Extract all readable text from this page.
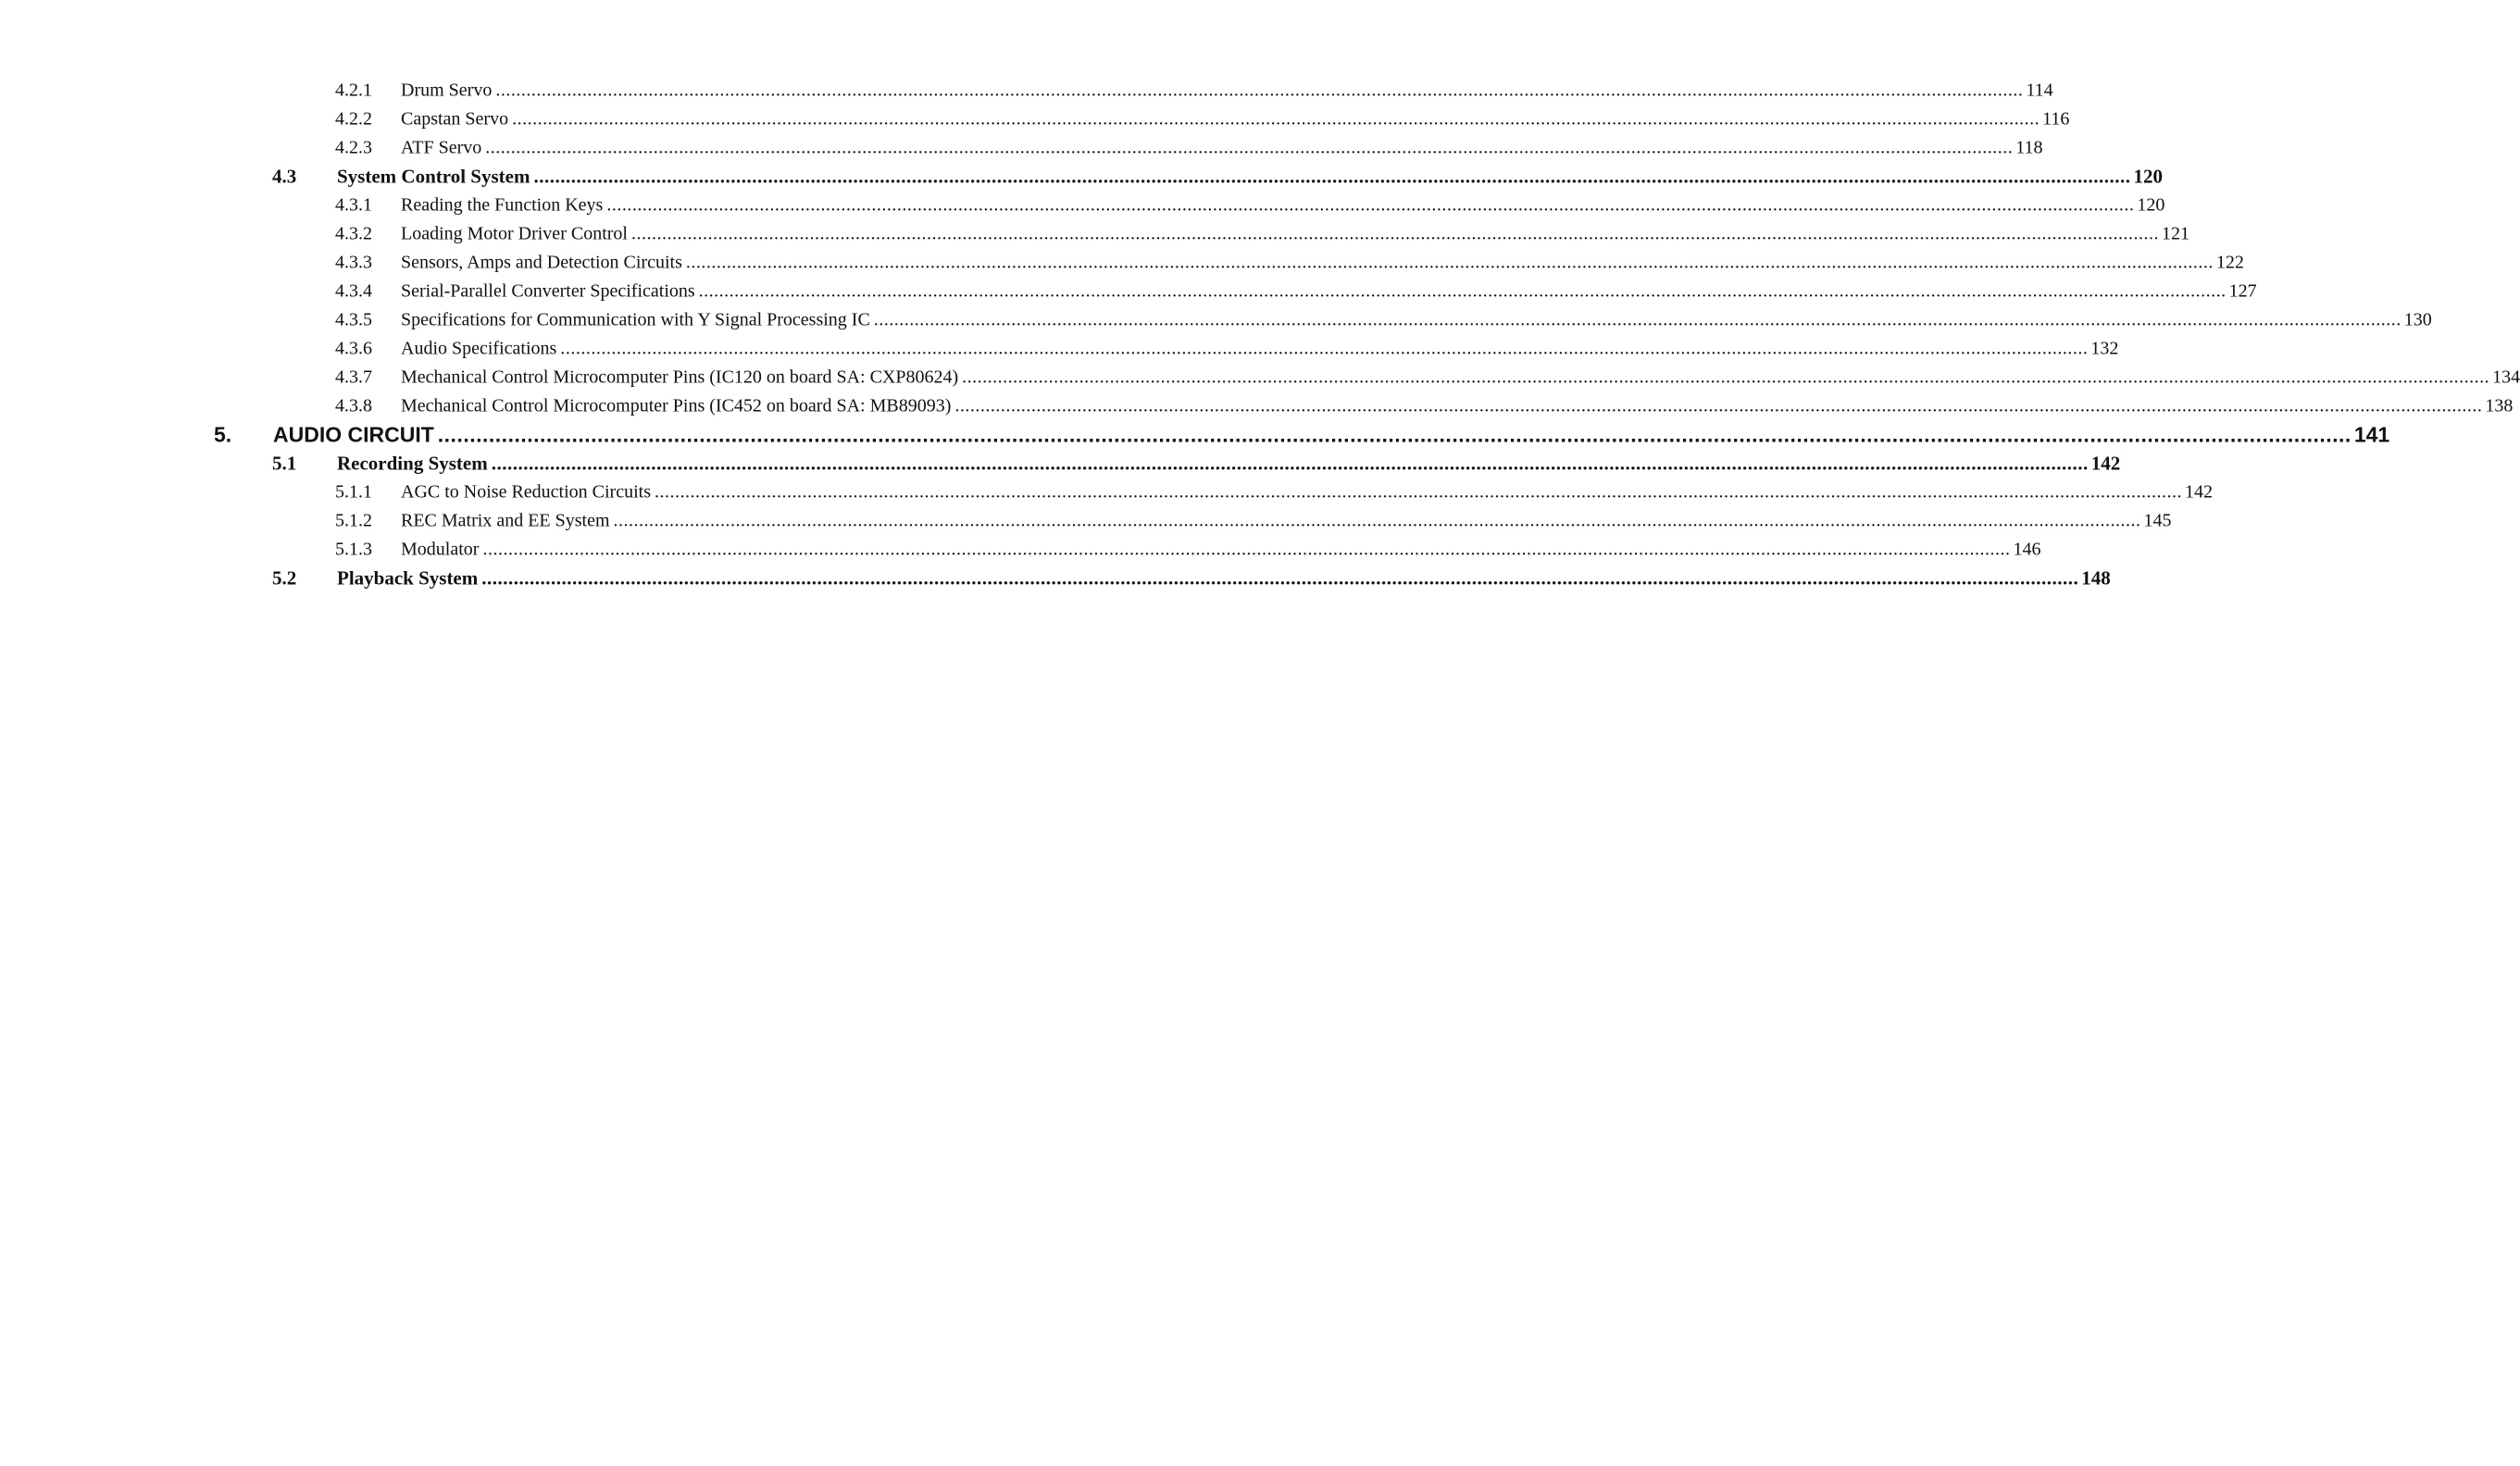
4.2.1 Drum Servo ............................................................................................................................................................................................................................................................................................................ 114
4.2.2 Capstan Servo ............................................................................................................................................................................................................................................................................................................ 116
4.2.3 ATF Servo ............................................................................................................................................................................................................................................................................................................ 118
4.3 System Control System ............................................................................................................................................................................................................................................................................................................ 120
4.3.1 Reading the Function Keys ............................................................................................................................................................................................................................................................................................................ 120
4.3.2 Loading Motor Driver Control ............................................................................................................................................................................................................................................................................................................ 121
4.3.3 Sensors, Amps and Detection Circuits ............................................................................................................................................................................................................................................................................................................ 122
4.3.4 Serial-Parallel Converter Specifications ............................................................................................................................................................................................................................................................................................................ 127
4.3.5 Specifications for Communication with Y Signal Processing IC ............................................................................................................................................................................................................................................................................................................ 130
4.3.6 Audio Specifications ............................................................................................................................................................................................................................................................................................................ 132
4.3.7 Mechanical Control Microcomputer Pins (IC120 on board SA: CXP80624) ............................................................................................................................................................................................................................................................................................................ 134
4.3.8 Mechanical Control Microcomputer Pins (IC452 on board SA: MB89093) ............................................................................................................................................................................................................................................................................................................ 138
5. AUDIO CIRCUIT ............................................................................................................................................................................................................................................................................................................ 141
5.1 Recording System ............................................................................................................................................................................................................................................................................................................ 142
5.1.1 AGC to Noise Reduction Circuits ............................................................................................................................................................................................................................................................................................................ 142
5.1.2 REC Matrix and EE System ............................................................................................................................................................................................................................................................................................................ 145
5.1.3 Modulator ............................................................................................................................................................................................................................................................................................................ 146
5.2 Playback System ............................................................................................................................................................................................................................................................................................................ 148
